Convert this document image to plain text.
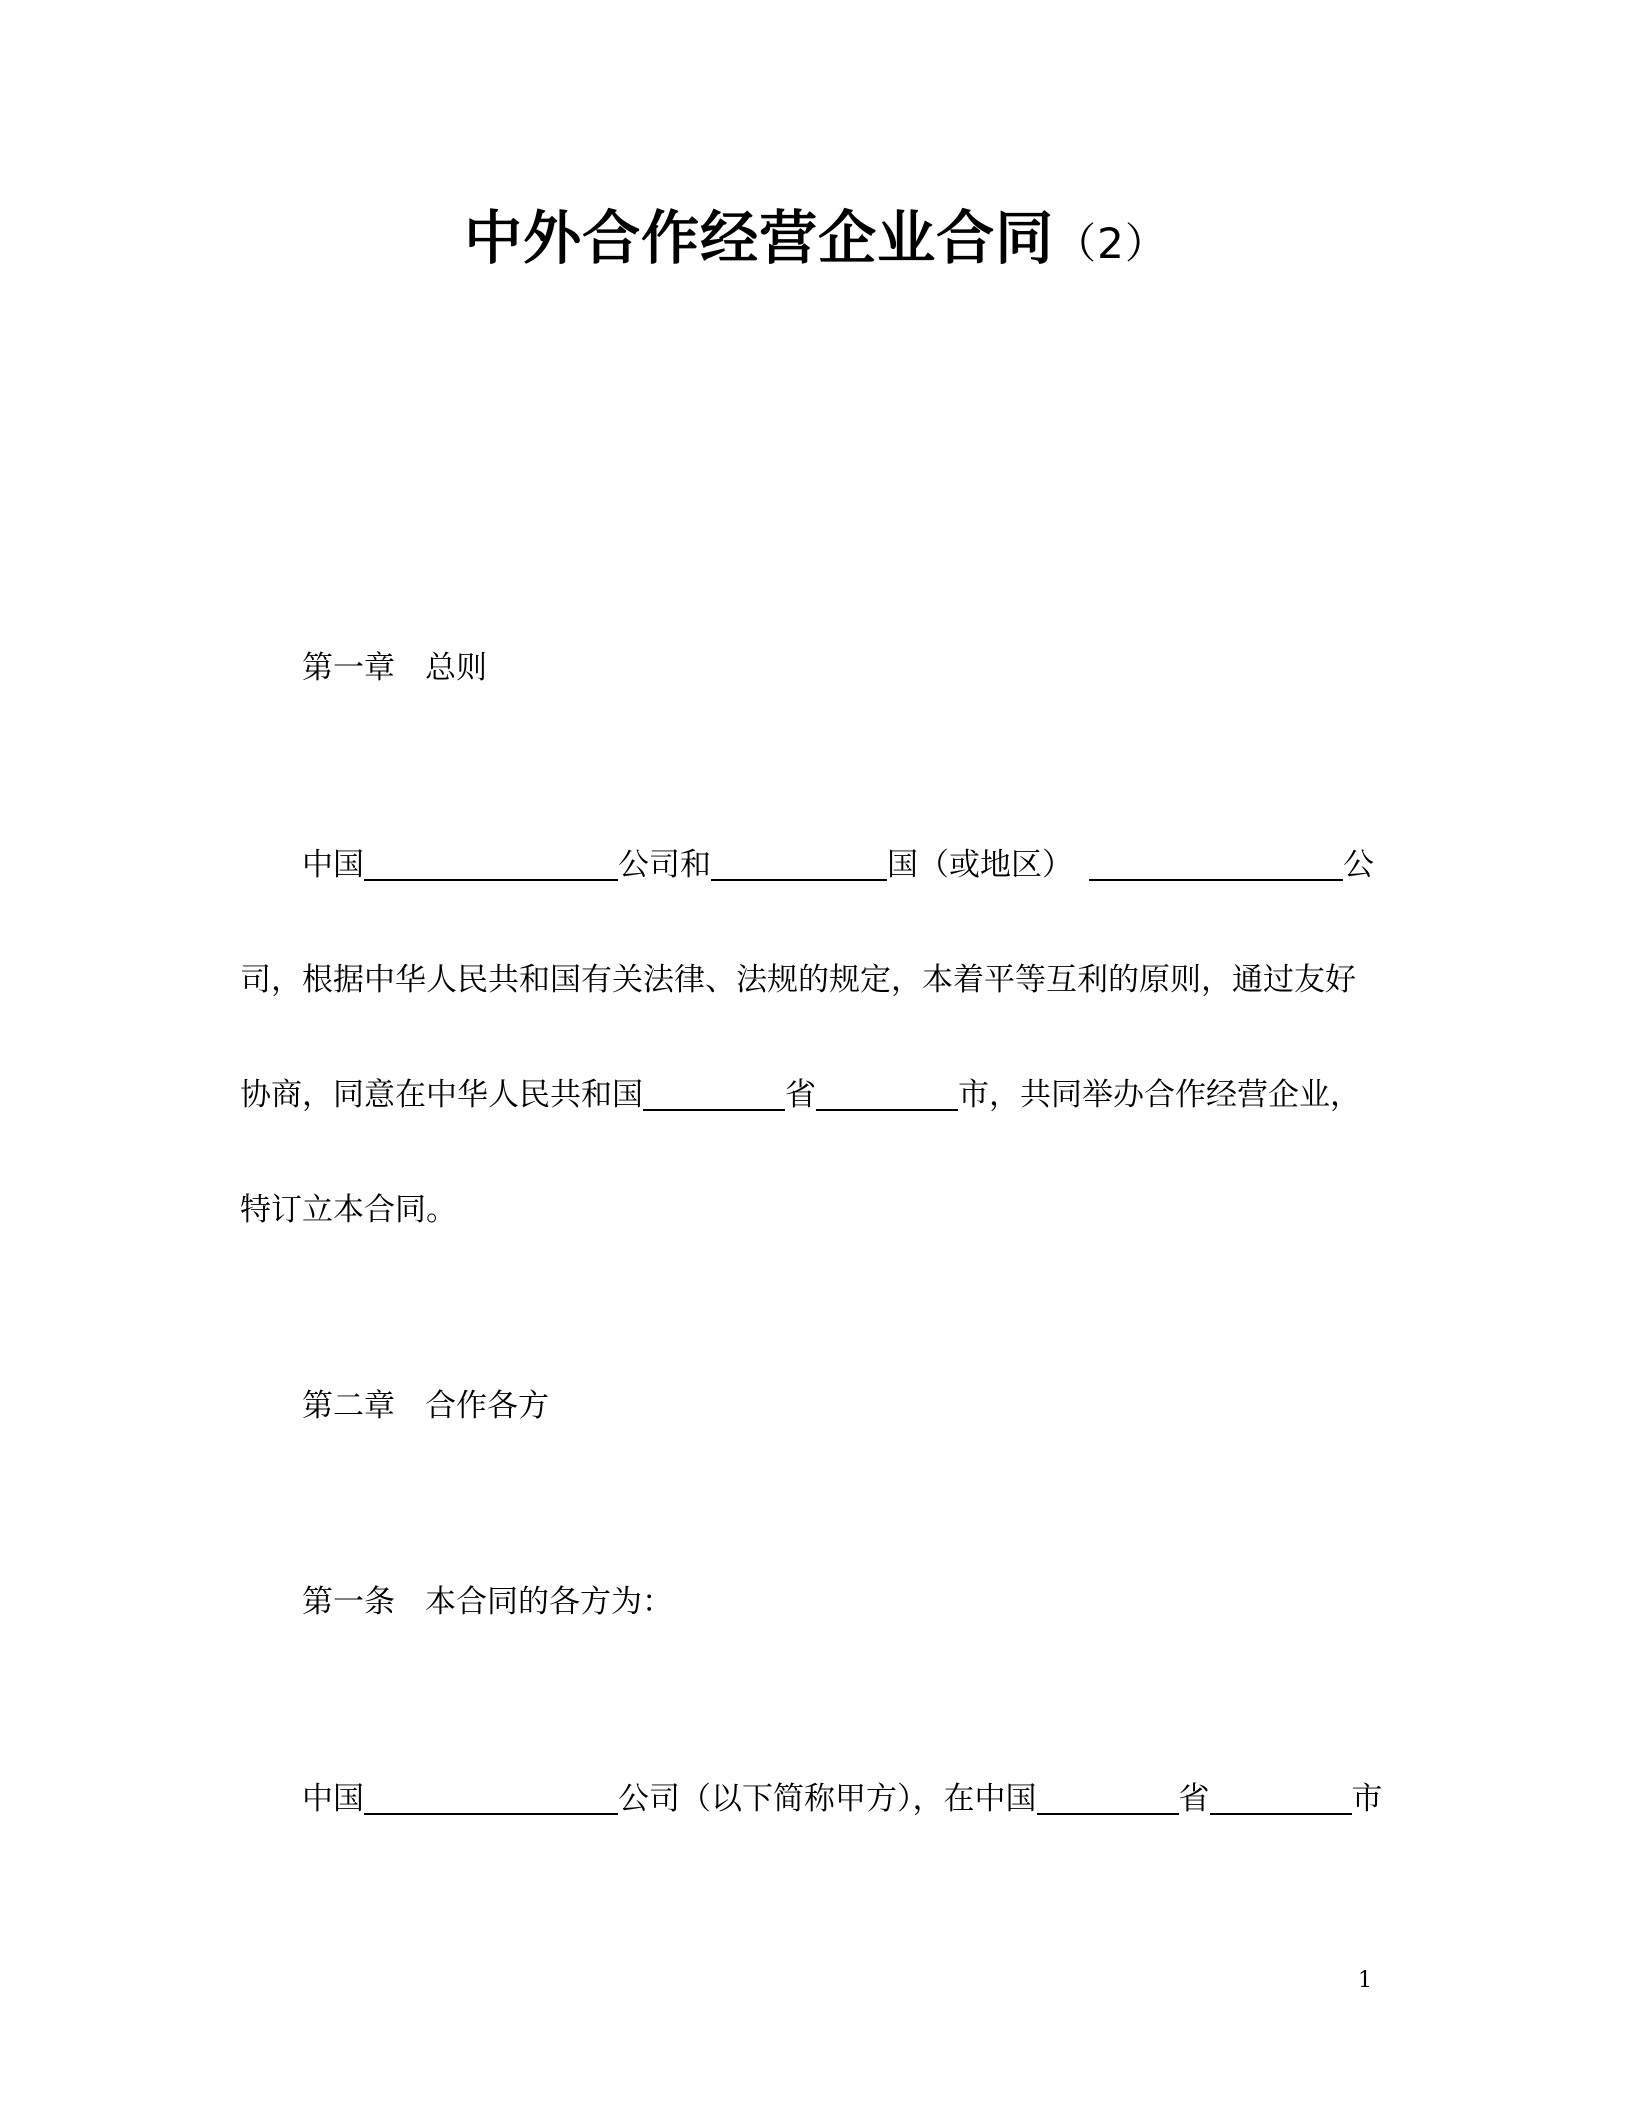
中外合作经营企业合同（2）
第一章 总则
中国	公司和	国（或地区）	公
司，根据中华人民共和国有关法律、法规的规定，本着平等互利的原则，通过友好
协商，同意在中华人民共和国	省	市，共同举办合作经营企业，
特订立本合同。
第二章 合作各方
第一条 本合同的各方为：
中国	公司（以下简称甲方），在中国	省	市
1
